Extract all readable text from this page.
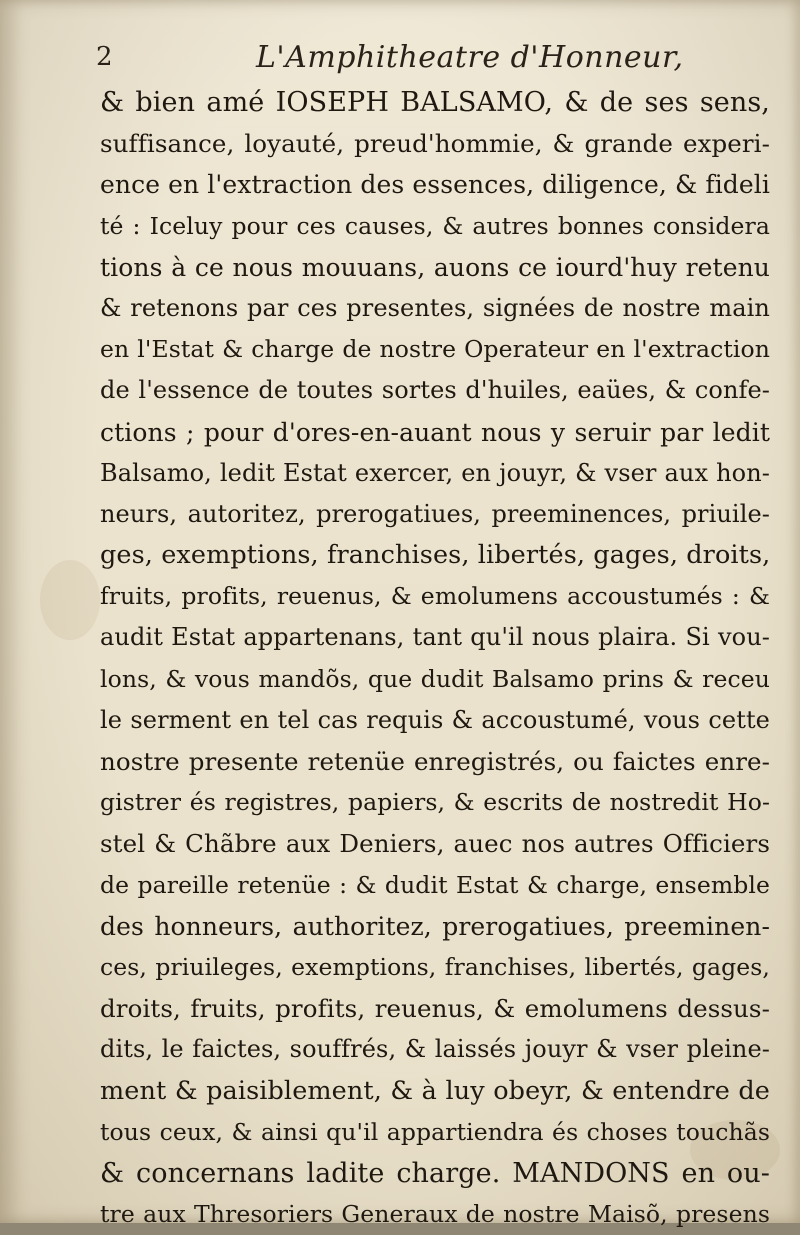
2	L'Amphitheatre d'Honneur,
& bien amé IOSEPH BALSAMO, & de ses sens,
suffisance, loyauté, preud'hommie, & grande experi-
ence en l'extraction des essences, diligence, & fideli
té : Iceluy pour ces causes, & autres bonnes considera
tions à ce nous mouuans, auons ce iourd'huy retenu
& retenons par ces presentes, signées de nostre main
en l'Estat & charge de nostre Operateur en l'extraction
de l'essence de toutes sortes d'huiles, eaües, & confe-
ctions ; pour d'ores-en-auant nous y seruir par ledit
Balsamo, ledit Estat exercer, en jouyr, & vser aux hon-
neurs, autoritez, prerogatiues, preeminences, priuile-
ges, exemptions, franchises, libertés, gages, droits,
fruits, profits, reuenus, & emolumens accoustumés : &
audit Estat appartenans, tant qu'il nous plaira. Si vou-
lons, & vous mandõs, que dudit Balsamo prins & receu
le serment en tel cas requis & accoustumé, vous cette
nostre presente retenüe enregistrés, ou faictes enre-
gistrer és registres, papiers, & escrits de nostredit Ho-
stel & Chãbre aux Deniers, auec nos autres Officiers
de pareille retenüe : & dudit Estat & charge, ensemble
des honneurs, authoritez, prerogatiues, preeminen-
ces, priuileges, exemptions, franchises, libertés, gages,
droits, fruits, profits, reuenus, & emolumens dessus-
dits, le faictes, souffrés, & laissés jouyr & vser pleine-
ment & paisiblement, & à luy obeyr, & entendre de
tous ceux, & ainsi qu'il appartiendra és choses touchãs
& concernans ladite charge. MANDONS en ou-
tre aux Thresoriers Generaux de nostre Maisõ, presens
